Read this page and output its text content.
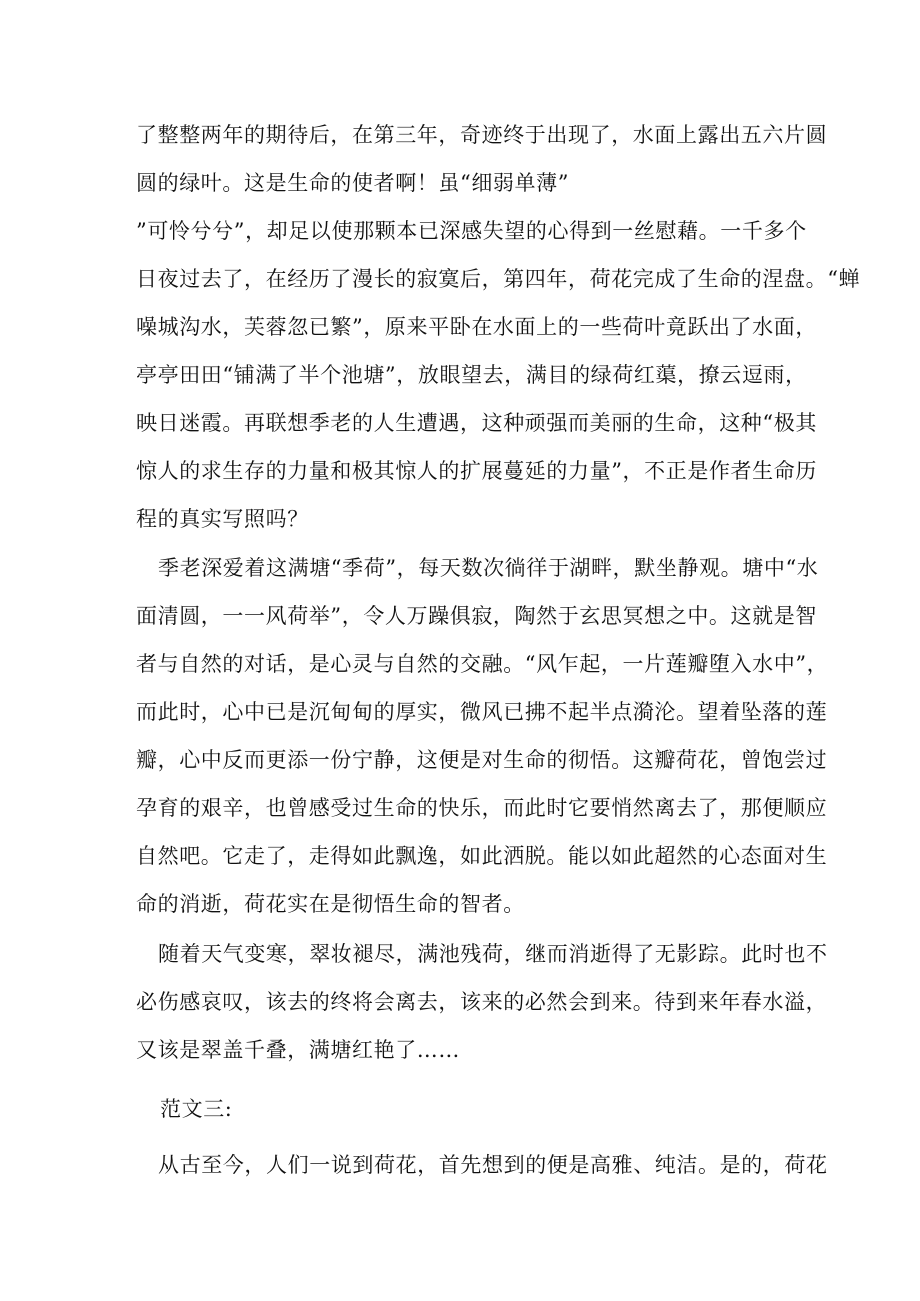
了整整两年的期待后，在第三年，奇迹终于出现了，水面上露出五六片圆
圆的绿叶。这是生命的使者啊！虽“细弱单薄”
”可怜兮兮”，却足以使那颗本已深感失望的心得到一丝慰藉。一千多个
日夜过去了，在经历了漫长的寂寞后，第四年，荷花完成了生命的涅盘。“蝉
噪城沟水，芙蓉忽已繁”，原来平卧在水面上的一些荷叶竟跃出了水面，
亭亭田田“铺满了半个池塘”，放眼望去，满目的绿荷红蕖，撩云逗雨，
映日迷霞。再联想季老的人生遭遇，这种顽强而美丽的生命，这种“极其
惊人的求生存的力量和极其惊人的扩展蔓延的力量”，不正是作者生命历
程的真实写照吗？
季老深爱着这满塘“季荷”，每天数次徜徉于湖畔，默坐静观。塘中“水
面清圆，一一风荷举”，令人万躁俱寂，陶然于玄思冥想之中。这就是智
者与自然的对话，是心灵与自然的交融。“风乍起，一片莲瓣堕入水中”，
而此时，心中已是沉甸甸的厚实，微风已拂不起半点漪沦。望着坠落的莲
瓣，心中反而更添一份宁静，这便是对生命的彻悟。这瓣荷花，曾饱尝过
孕育的艰辛，也曾感受过生命的快乐，而此时它要悄然离去了，那便顺应
自然吧。它走了，走得如此飘逸，如此洒脱。能以如此超然的心态面对生
命的消逝，荷花实在是彻悟生命的智者。
随着天气变寒，翠妆褪尽，满池残荷，继而消逝得了无影踪。此时也不
必伤感哀叹，该去的终将会离去，该来的必然会到来。待到来年春水溢，
又该是翠盖千叠，满塘红艳了……
范文三:
从古至今，人们一说到荷花，首先想到的便是高雅、纯洁。是的，荷花
